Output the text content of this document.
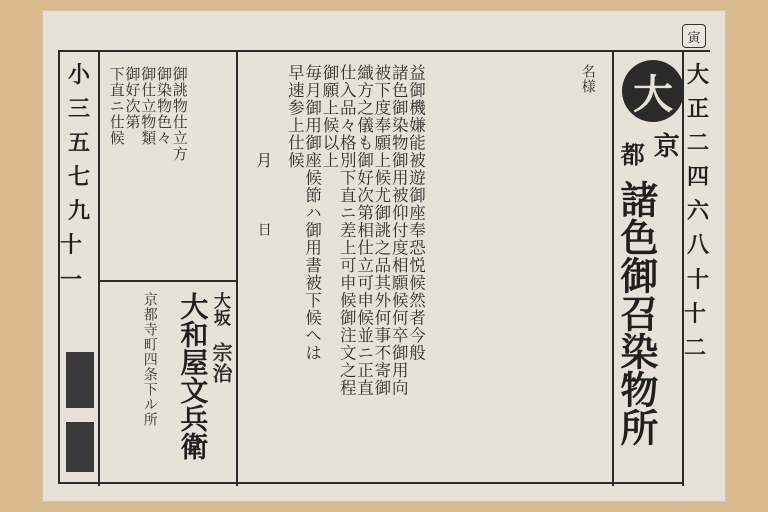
寅
小
三
五
七
九
十一
御誂物仕立方
御染物色々
御仕立物類
御好次第
下直ニ仕候
大和屋文兵衛
京都寺町四条下ル所	大坂
宗治
月
日	益御機嫌能被遊御座奉恐悦候然者今般
諸色御染物御用被仰付度相願候何卒御用向
被下度奉願上候尤御誂之品其外何事不寄御
織方之儀も御好次第相仕立可申候並ニ正直
仕入品々格別下直ニ差上可申候御注文之程
御願上候以上
毎月御用御座候節ハ御用書被下候へは
早速参上仕候	名様 大
京
都
諸色御召染物所
大
正
二
四
六
八
十
十二
